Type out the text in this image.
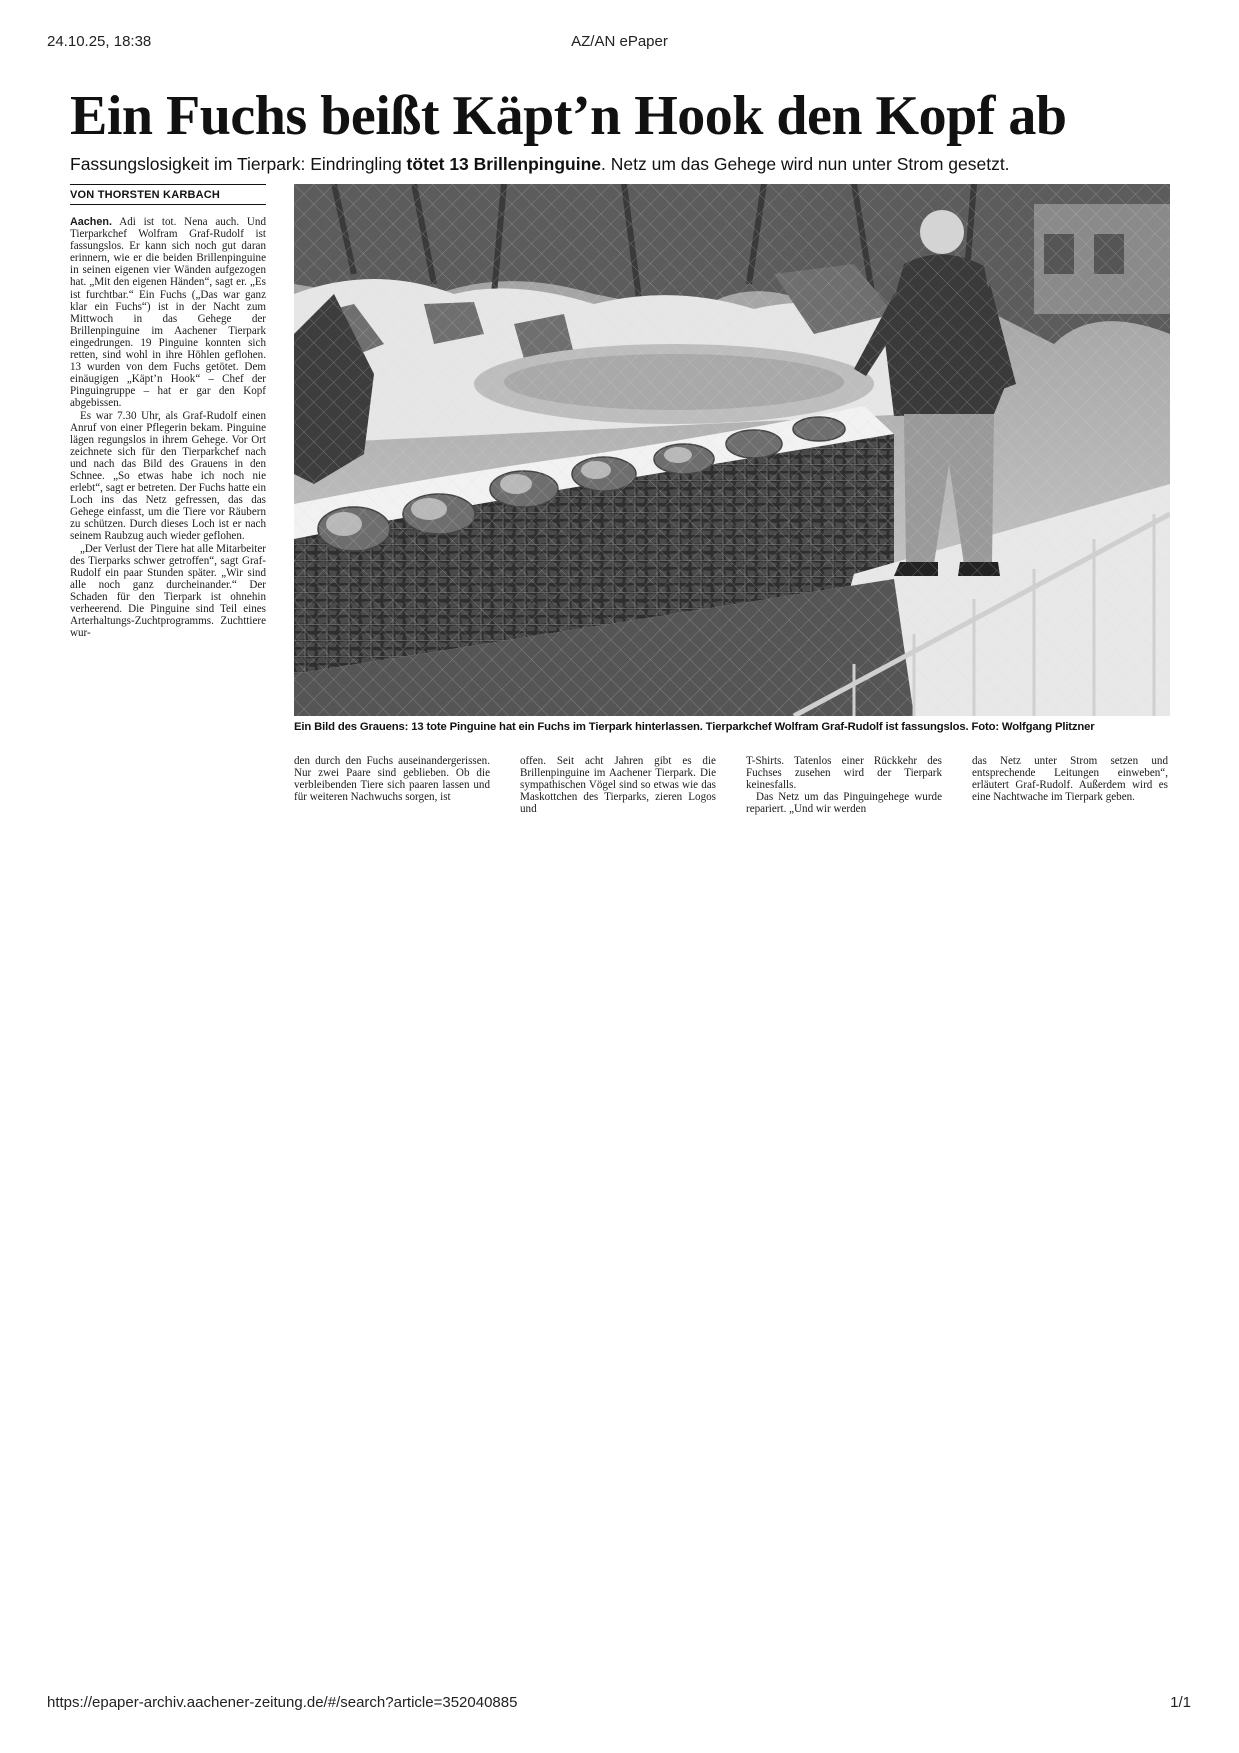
24.10.25, 18:38	AZ/AN ePaper
Ein Fuchs beißt Käpt’n Hook den Kopf ab
Fassungslosigkeit im Tierpark: Eindringling tötet 13 Brillenpinguine. Netz um das Gehege wird nun unter Strom gesetzt.
VON THORSTEN KARBACH

Aachen. Adi ist tot. Nena auch. Und Tierparkchef Wolfram Graf-Rudolf ist fassungslos. Er kann sich noch gut daran erinnern, wie er die beiden Brillenpinguine in seinen eigenen vier Wänden aufgezogen hat. „Mit den eigenen Händen“, sagt er. „Es ist furchtbar.“ Ein Fuchs („Das war ganz klar ein Fuchs“) ist in der Nacht zum Mittwoch in das Gehege der Brillenpinguine im Aachener Tierpark eingedrungen. 19 Pinguine konnten sich retten, sind wohl in ihre Höhlen geflohen. 13 wurden von dem Fuchs getötet. Dem einäugigen „Käpt’n Hook“ – Chef der Pinguingruppe – hat er gar den Kopf abgebissen.

Es war 7.30 Uhr, als Graf-Rudolf einen Anruf von einer Pflegerin bekam. Pinguine lägen regungslos in ihrem Gehege. Vor Ort zeichnete sich für den Tierparkchef nach und nach das Bild des Grauens in den Schnee. „So etwas habe ich noch nie erlebt“, sagt er betreten. Der Fuchs hatte ein Loch ins das Netz gefressen, das das Gehege einfasst, um die Tiere vor Räubern zu schützen. Durch dieses Loch ist er nach seinem Raubzug auch wieder geflohen.

„Der Verlust der Tiere hat alle Mitarbeiter des Tierparks schwer getroffen“, sagt Graf-Rudolf ein paar Stunden später. „Wir sind alle noch ganz durcheinander.“ Der Schaden für den Tierpark ist ohnehin verheerend. Die Pinguine sind Teil eines Arterhaltungs-Zuchtprogramms. Zuchttiere wur-

Ein Bild des Grauens: 13 tote Pinguine hat ein Fuchs im Tierpark hinterlassen. Tierparkchef Wolfram Graf-Rudolf ist fassungslos. Foto: Wolfgang Plitzner
den durch den Fuchs auseinandergerissen. Nur zwei Paare sind geblieben. Ob die verbleibenden Tiere sich paaren lassen und für weiteren Nachwuchs sorgen, ist
offen. Seit acht Jahren gibt es die Brillenpinguine im Aachener Tierpark. Die sympathischen Vögel sind so etwas wie das Maskottchen des Tierparks, zieren Logos und

T-Shirts. Tatenlos einer Rückkehr des Fuchses zusehen wird der Tierpark keinesfalls.

Das Netz um das Pinguingehege wurde repariert. „Und wir werden

das Netz unter Strom setzen und entsprechende Leitungen einweben“, erläutert Graf-Rudolf. Außerdem wird es eine Nachtwache im Tierpark geben.
https://epaper-archiv.aachener-zeitung.de/#/search?article=352040885	1/1
